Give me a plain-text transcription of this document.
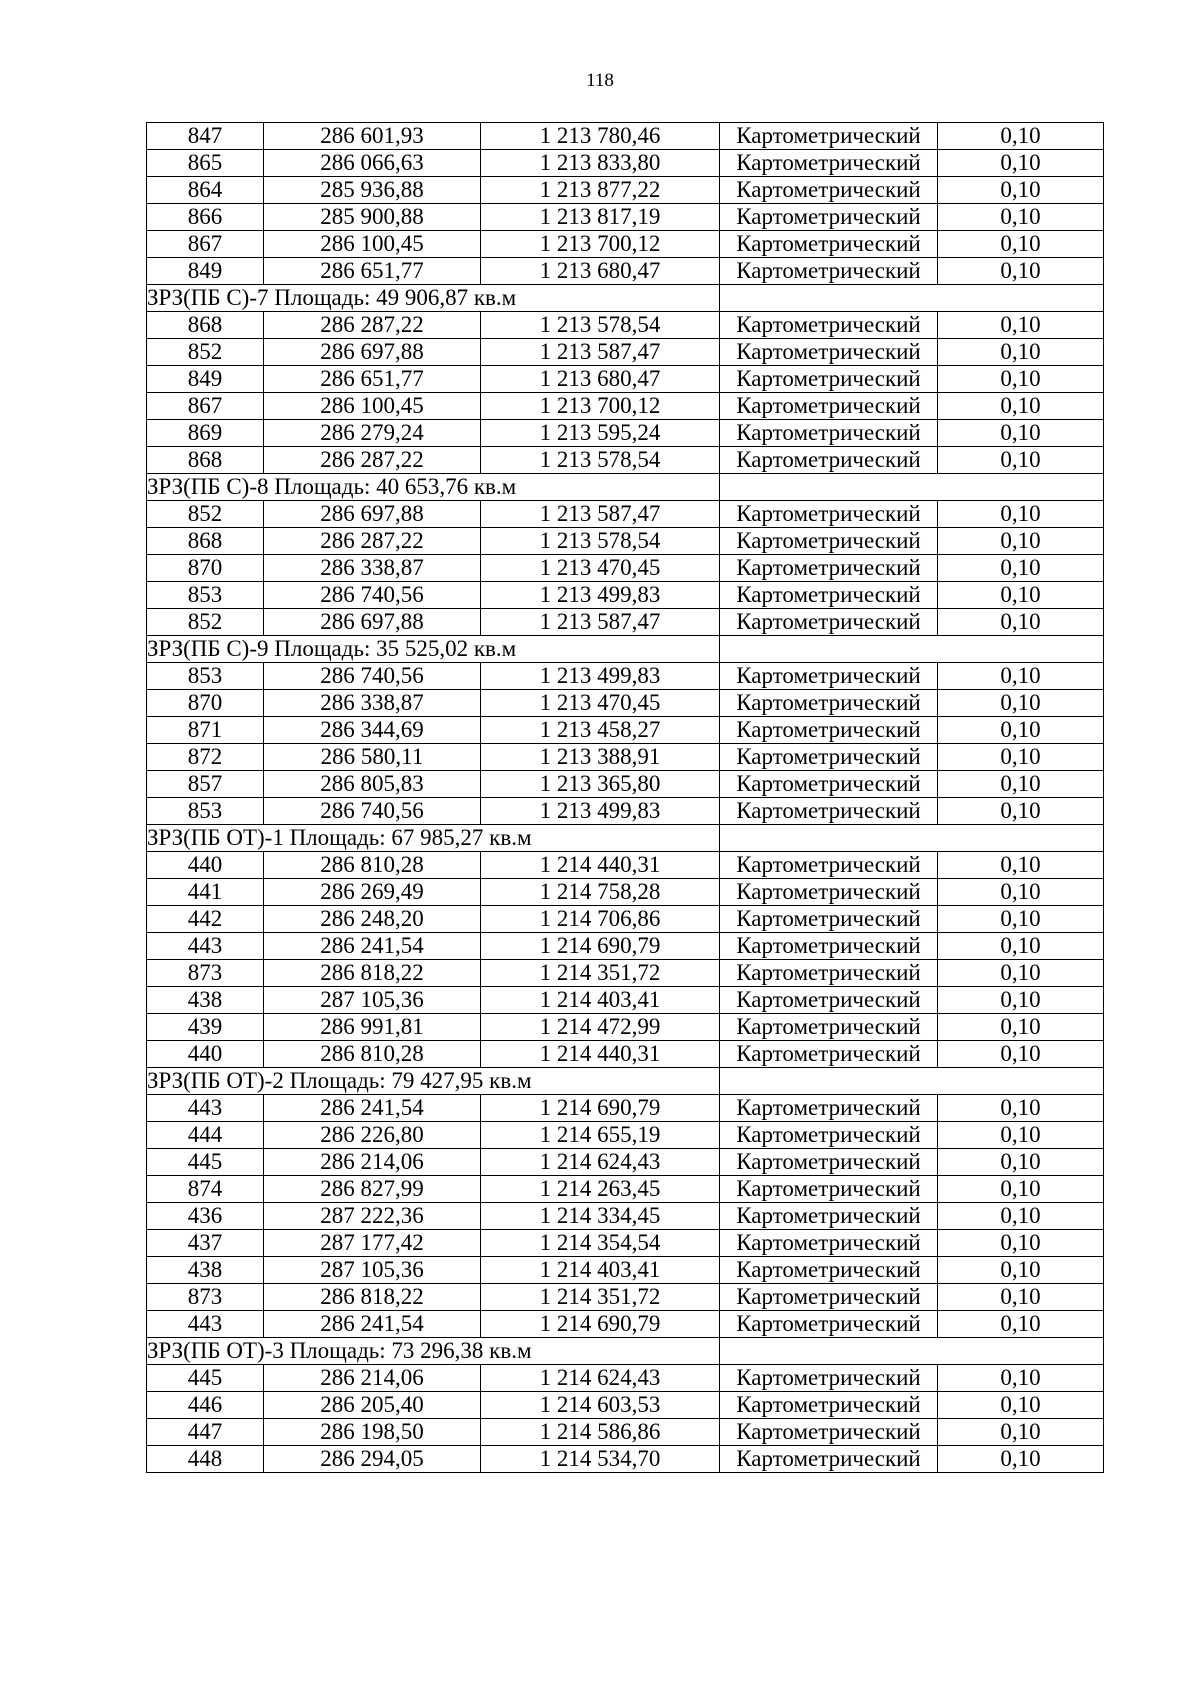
118
847	286 601,93	1 213 780,46	Картометрический	0,10
865	286 066,63	1 213 833,80	Картометрический	0,10
864	285 936,88	1 213 877,22	Картометрический	0,10
866	285 900,88	1 213 817,19	Картометрический	0,10
867	286 100,45	1 213 700,12	Картометрический	0,10
849	286 651,77	1 213 680,47	Картометрический	0,10
ЗРЗ(ПБ С)-7 Площадь: 49 906,87 кв.м				
868	286 287,22	1 213 578,54	Картометрический	0,10
852	286 697,88	1 213 587,47	Картометрический	0,10
849	286 651,77	1 213 680,47	Картометрический	0,10
867	286 100,45	1 213 700,12	Картометрический	0,10
869	286 279,24	1 213 595,24	Картометрический	0,10
868	286 287,22	1 213 578,54	Картометрический	0,10
ЗРЗ(ПБ С)-8 Площадь: 40 653,76 кв.м				
852	286 697,88	1 213 587,47	Картометрический	0,10
868	286 287,22	1 213 578,54	Картометрический	0,10
870	286 338,87	1 213 470,45	Картометрический	0,10
853	286 740,56	1 213 499,83	Картометрический	0,10
852	286 697,88	1 213 587,47	Картометрический	0,10
ЗРЗ(ПБ С)-9 Площадь: 35 525,02 кв.м				
853	286 740,56	1 213 499,83	Картометрический	0,10
870	286 338,87	1 213 470,45	Картометрический	0,10
871	286 344,69	1 213 458,27	Картометрический	0,10
872	286 580,11	1 213 388,91	Картометрический	0,10
857	286 805,83	1 213 365,80	Картометрический	0,10
853	286 740,56	1 213 499,83	Картометрический	0,10
ЗРЗ(ПБ ОТ)-1 Площадь: 67 985,27 кв.м				
440	286 810,28	1 214 440,31	Картометрический	0,10
441	286 269,49	1 214 758,28	Картометрический	0,10
442	286 248,20	1 214 706,86	Картометрический	0,10
443	286 241,54	1 214 690,79	Картометрический	0,10
873	286 818,22	1 214 351,72	Картометрический	0,10
438	287 105,36	1 214 403,41	Картометрический	0,10
439	286 991,81	1 214 472,99	Картометрический	0,10
440	286 810,28	1 214 440,31	Картометрический	0,10
ЗРЗ(ПБ ОТ)-2 Площадь: 79 427,95 кв.м				
443	286 241,54	1 214 690,79	Картометрический	0,10
444	286 226,80	1 214 655,19	Картометрический	0,10
445	286 214,06	1 214 624,43	Картометрический	0,10
874	286 827,99	1 214 263,45	Картометрический	0,10
436	287 222,36	1 214 334,45	Картометрический	0,10
437	287 177,42	1 214 354,54	Картометрический	0,10
438	287 105,36	1 214 403,41	Картометрический	0,10
873	286 818,22	1 214 351,72	Картометрический	0,10
443	286 241,54	1 214 690,79	Картометрический	0,10
ЗРЗ(ПБ ОТ)-3 Площадь: 73 296,38 кв.м				
445	286 214,06	1 214 624,43	Картометрический	0,10
446	286 205,40	1 214 603,53	Картометрический	0,10
447	286 198,50	1 214 586,86	Картометрический	0,10
448	286 294,05	1 214 534,70	Картометрический	0,10
